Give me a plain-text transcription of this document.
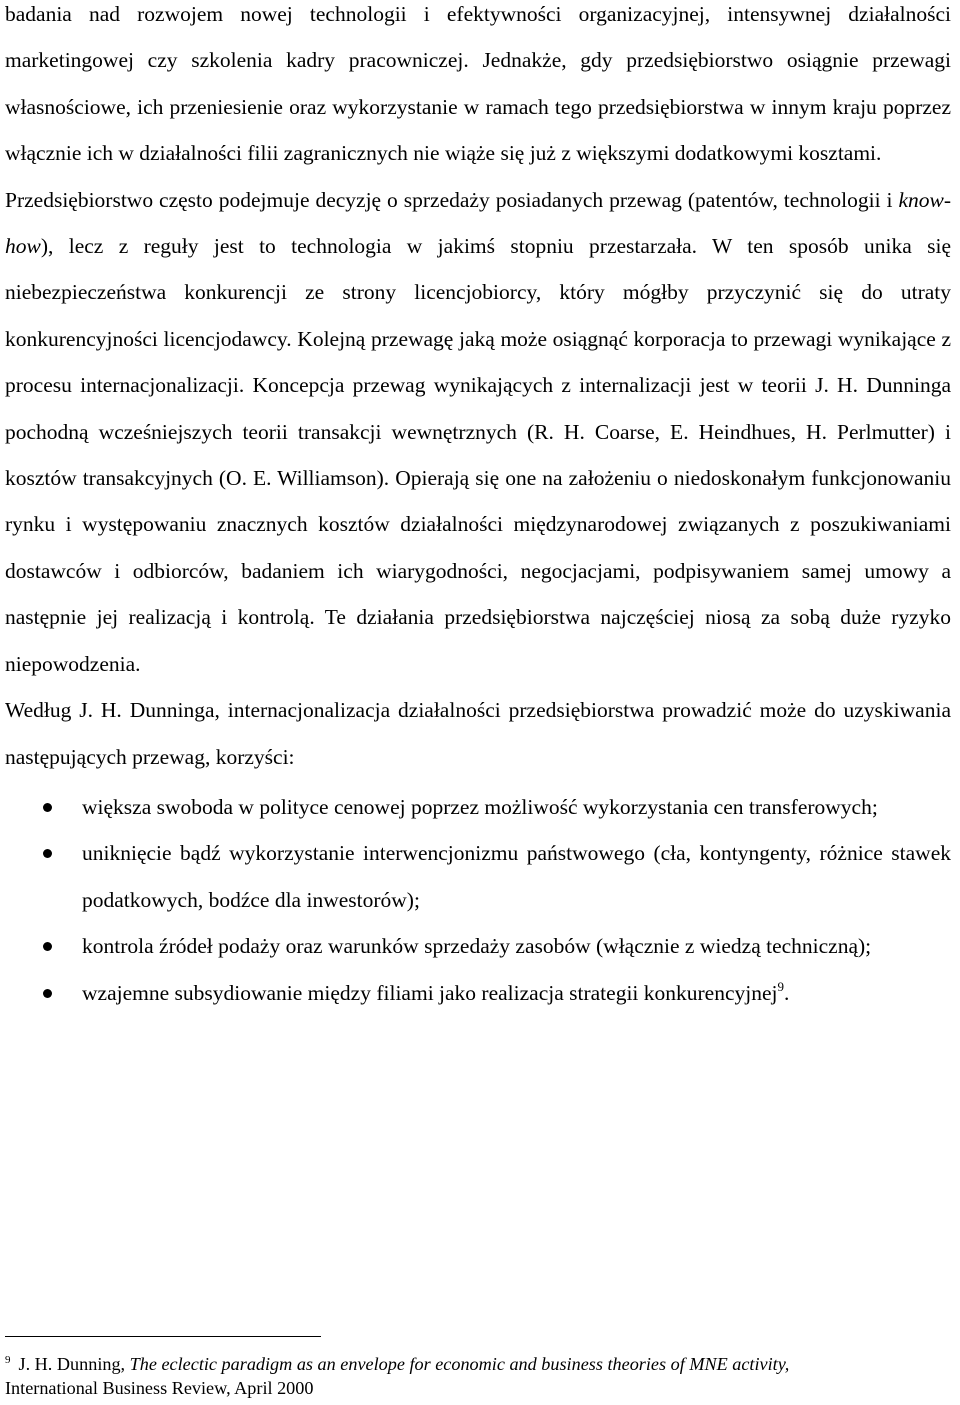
badania nad rozwojem nowej technologii i efektywności organizacyjnej, intensywnej działalności marketingowej czy szkolenia kadry pracowniczej. Jednakże, gdy przedsiębiorstwo osiągnie przewagi własnościowe, ich przeniesienie oraz wykorzystanie w ramach tego przedsiębiorstwa w innym kraju poprzez włącznie ich w działalności filii zagranicznych nie wiąże się już z większymi dodatkowymi kosztami.

Przedsiębiorstwo często podejmuje decyzję o sprzedaży posiadanych przewag (patentów, technologii i know-how), lecz z reguły jest to technologia w jakimś stopniu przestarzała. W ten sposób unika się niebezpieczeństwa konkurencji ze strony licencjobiorcy, który mógłby przyczynić się do utraty konkurencyjności licencjodawcy. Kolejną przewagę jaką może osiągnąć korporacja to przewagi wynikające z procesu internacjonalizacji. Koncepcja przewag wynikających z internalizacji jest w teorii J. H. Dunninga pochodną wcześniejszych teorii transakcji wewnętrznych (R. H. Coarse, E. Heindhues, H. Perlmutter) i kosztów transakcyjnych (O. E. Williamson). Opierają się one na założeniu o niedoskonałym funkcjonowaniu rynku i występowaniu znacznych kosztów działalności międzynarodowej związanych z poszukiwaniami dostawców i odbiorców, badaniem ich wiarygodności, negocjacjami, podpisywaniem samej umowy a następnie jej realizacją i kontrolą. Te działania przedsiębiorstwa najczęściej niosą za sobą duże ryzyko niepowodzenia.

Według J. H. Dunninga, internacjonalizacja działalności przedsiębiorstwa prowadzić może do uzyskiwania następujących przewag, korzyści:

większa swoboda w polityce cenowej poprzez możliwość wykorzystania cen transferowych;
uniknięcie bądź wykorzystanie interwencjonizmu państwowego (cła, kontyngenty, różnice stawek podatkowych, bodźce dla inwestorów);
kontrola źródeł podaży oraz warunków sprzedaży zasobów (włącznie z wiedzą techniczną);
wzajemne subsydiowanie między filiami jako realizacja strategii konkurencyjnej$^9$.
$^9$ J. H. Dunning, The eclectic paradigm as an envelope for economic and business theories of MNE activity,
International Business Review, April 2000
